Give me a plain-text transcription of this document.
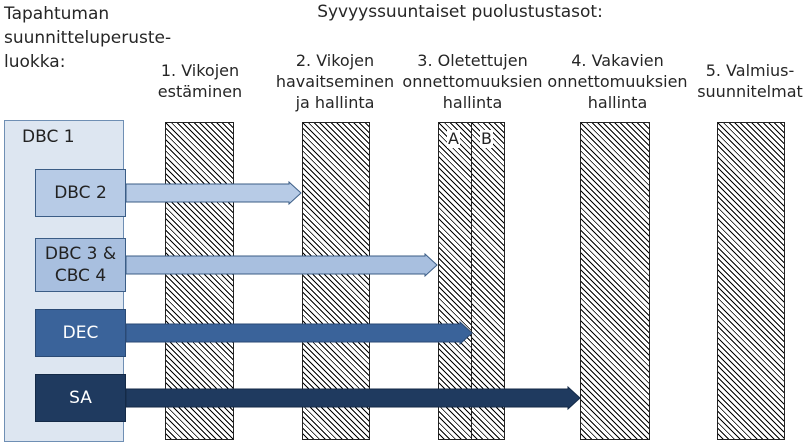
Tapahtuman
suunnitteluperuste-
luokka:
Syvyyssuuntaiset puolustustasot:
1. Vikojen
estäminen
2. Vikojen
havaitseminen
ja hallinta
3. Oletettujen
onnettomuuksien
hallinta
4. Vakavien
onnettomuuksien
hallinta
5. Valmius-
suunnitelmat
DBC 1	A B
DBC 2
DBC 3 &
CBC 4
DEC
SA
